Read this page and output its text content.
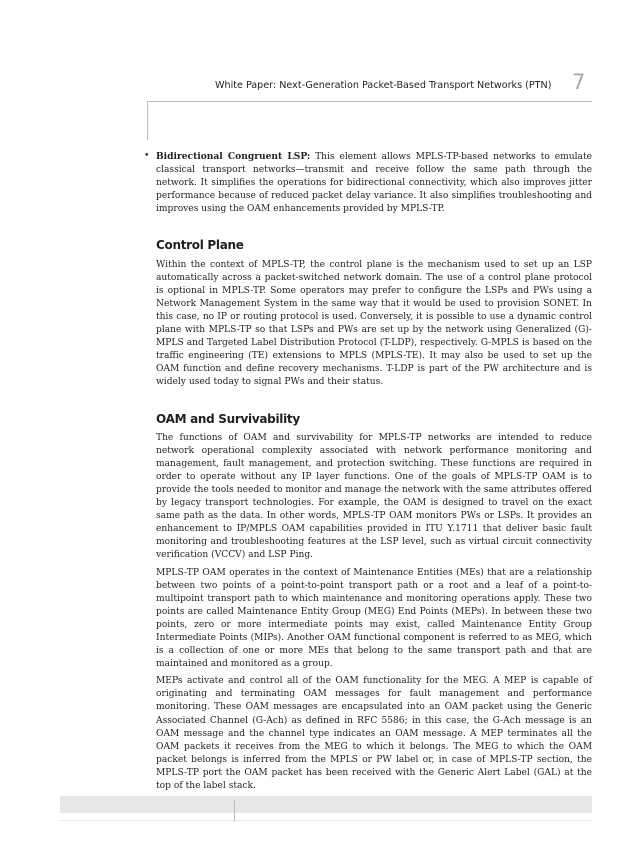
White Paper: Next-Generation Packet-Based Transport Networks (PTN) 7
• Bidirectional Congruent LSP: This element allows MPLS-TP-based networks to emulate classical transport networks—transmit and receive follow the same path through the network. It simplifies the operations for bidirectional connectivity, which also improves jitter performance because of reduced packet delay variance. It also simplifies troubleshooting and improves using the OAM enhancements provided by MPLS-TP.
Control Plane

Within the context of MPLS-TP, the control plane is the mechanism used to set up an LSP automatically across a packet-switched network domain. The use of a control plane protocol is optional in MPLS-TP. Some operators may prefer to configure the LSPs and PWs using a Network Management System in the same way that it would be used to provision SONET. In this case, no IP or routing protocol is used. Conversely, it is possible to use a dynamic control plane with MPLS-TP so that LSPs and PWs are set up by the network using Generalized (G)-MPLS and Targeted Label Distribution Protocol (T-LDP), respectively. G-MPLS is based on the traffic engineering (TE) extensions to MPLS (MPLS-TE). It may also be used to set up the OAM function and define recovery mechanisms. T-LDP is part of the PW architecture and is widely used today to signal PWs and their status.

OAM and Survivability

The functions of OAM and survivability for MPLS-TP networks are intended to reduce network operational complexity associated with network performance monitoring and management, fault management, and protection switching. These functions are required in order to operate without any IP layer functions. One of the goals of MPLS-TP OAM is to provide the tools needed to monitor and manage the network with the same attributes offered by legacy transport technologies. For example, the OAM is designed to travel on the exact same path as the data. In other words, MPLS-TP OAM monitors PWs or LSPs. It provides an enhancement to IP/MPLS OAM capabilities provided in ITU Y.1711 that deliver basic fault monitoring and troubleshooting features at the LSP level, such as virtual circuit connectivity verification (VCCV) and LSP Ping.

MPLS-TP OAM operates in the context of Maintenance Entities (MEs) that are a relationship between two points of a point-to-point transport path or a root and a leaf of a point-to-multipoint transport path to which maintenance and monitoring operations apply. These two points are called Maintenance Entity Group (MEG) End Points (MEPs). In between these two points, zero or more intermediate points may exist, called Maintenance Entity Group Intermediate Points (MIPs). Another OAM functional component is referred to as MEG, which is a collection of one or more MEs that belong to the same transport path and that are maintained and monitored as a group.

MEPs activate and control all of the OAM functionality for the MEG. A MEP is capable of originating and terminating OAM messages for fault management and performance monitoring. These OAM messages are encapsulated into an OAM packet using the Generic Associated Channel (G-Ach) as defined in RFC 5586; in this case, the G-Ach message is an OAM message and the channel type indicates an OAM message. A MEP terminates all the OAM packets it receives from the MEG to which it belongs. The MEG to which the OAM packet belongs is inferred from the MPLS or PW label or, in case of MPLS-TP section, the MPLS-TP port the OAM packet has been received with the Generic Alert Label (GAL) at the top of the label stack.
